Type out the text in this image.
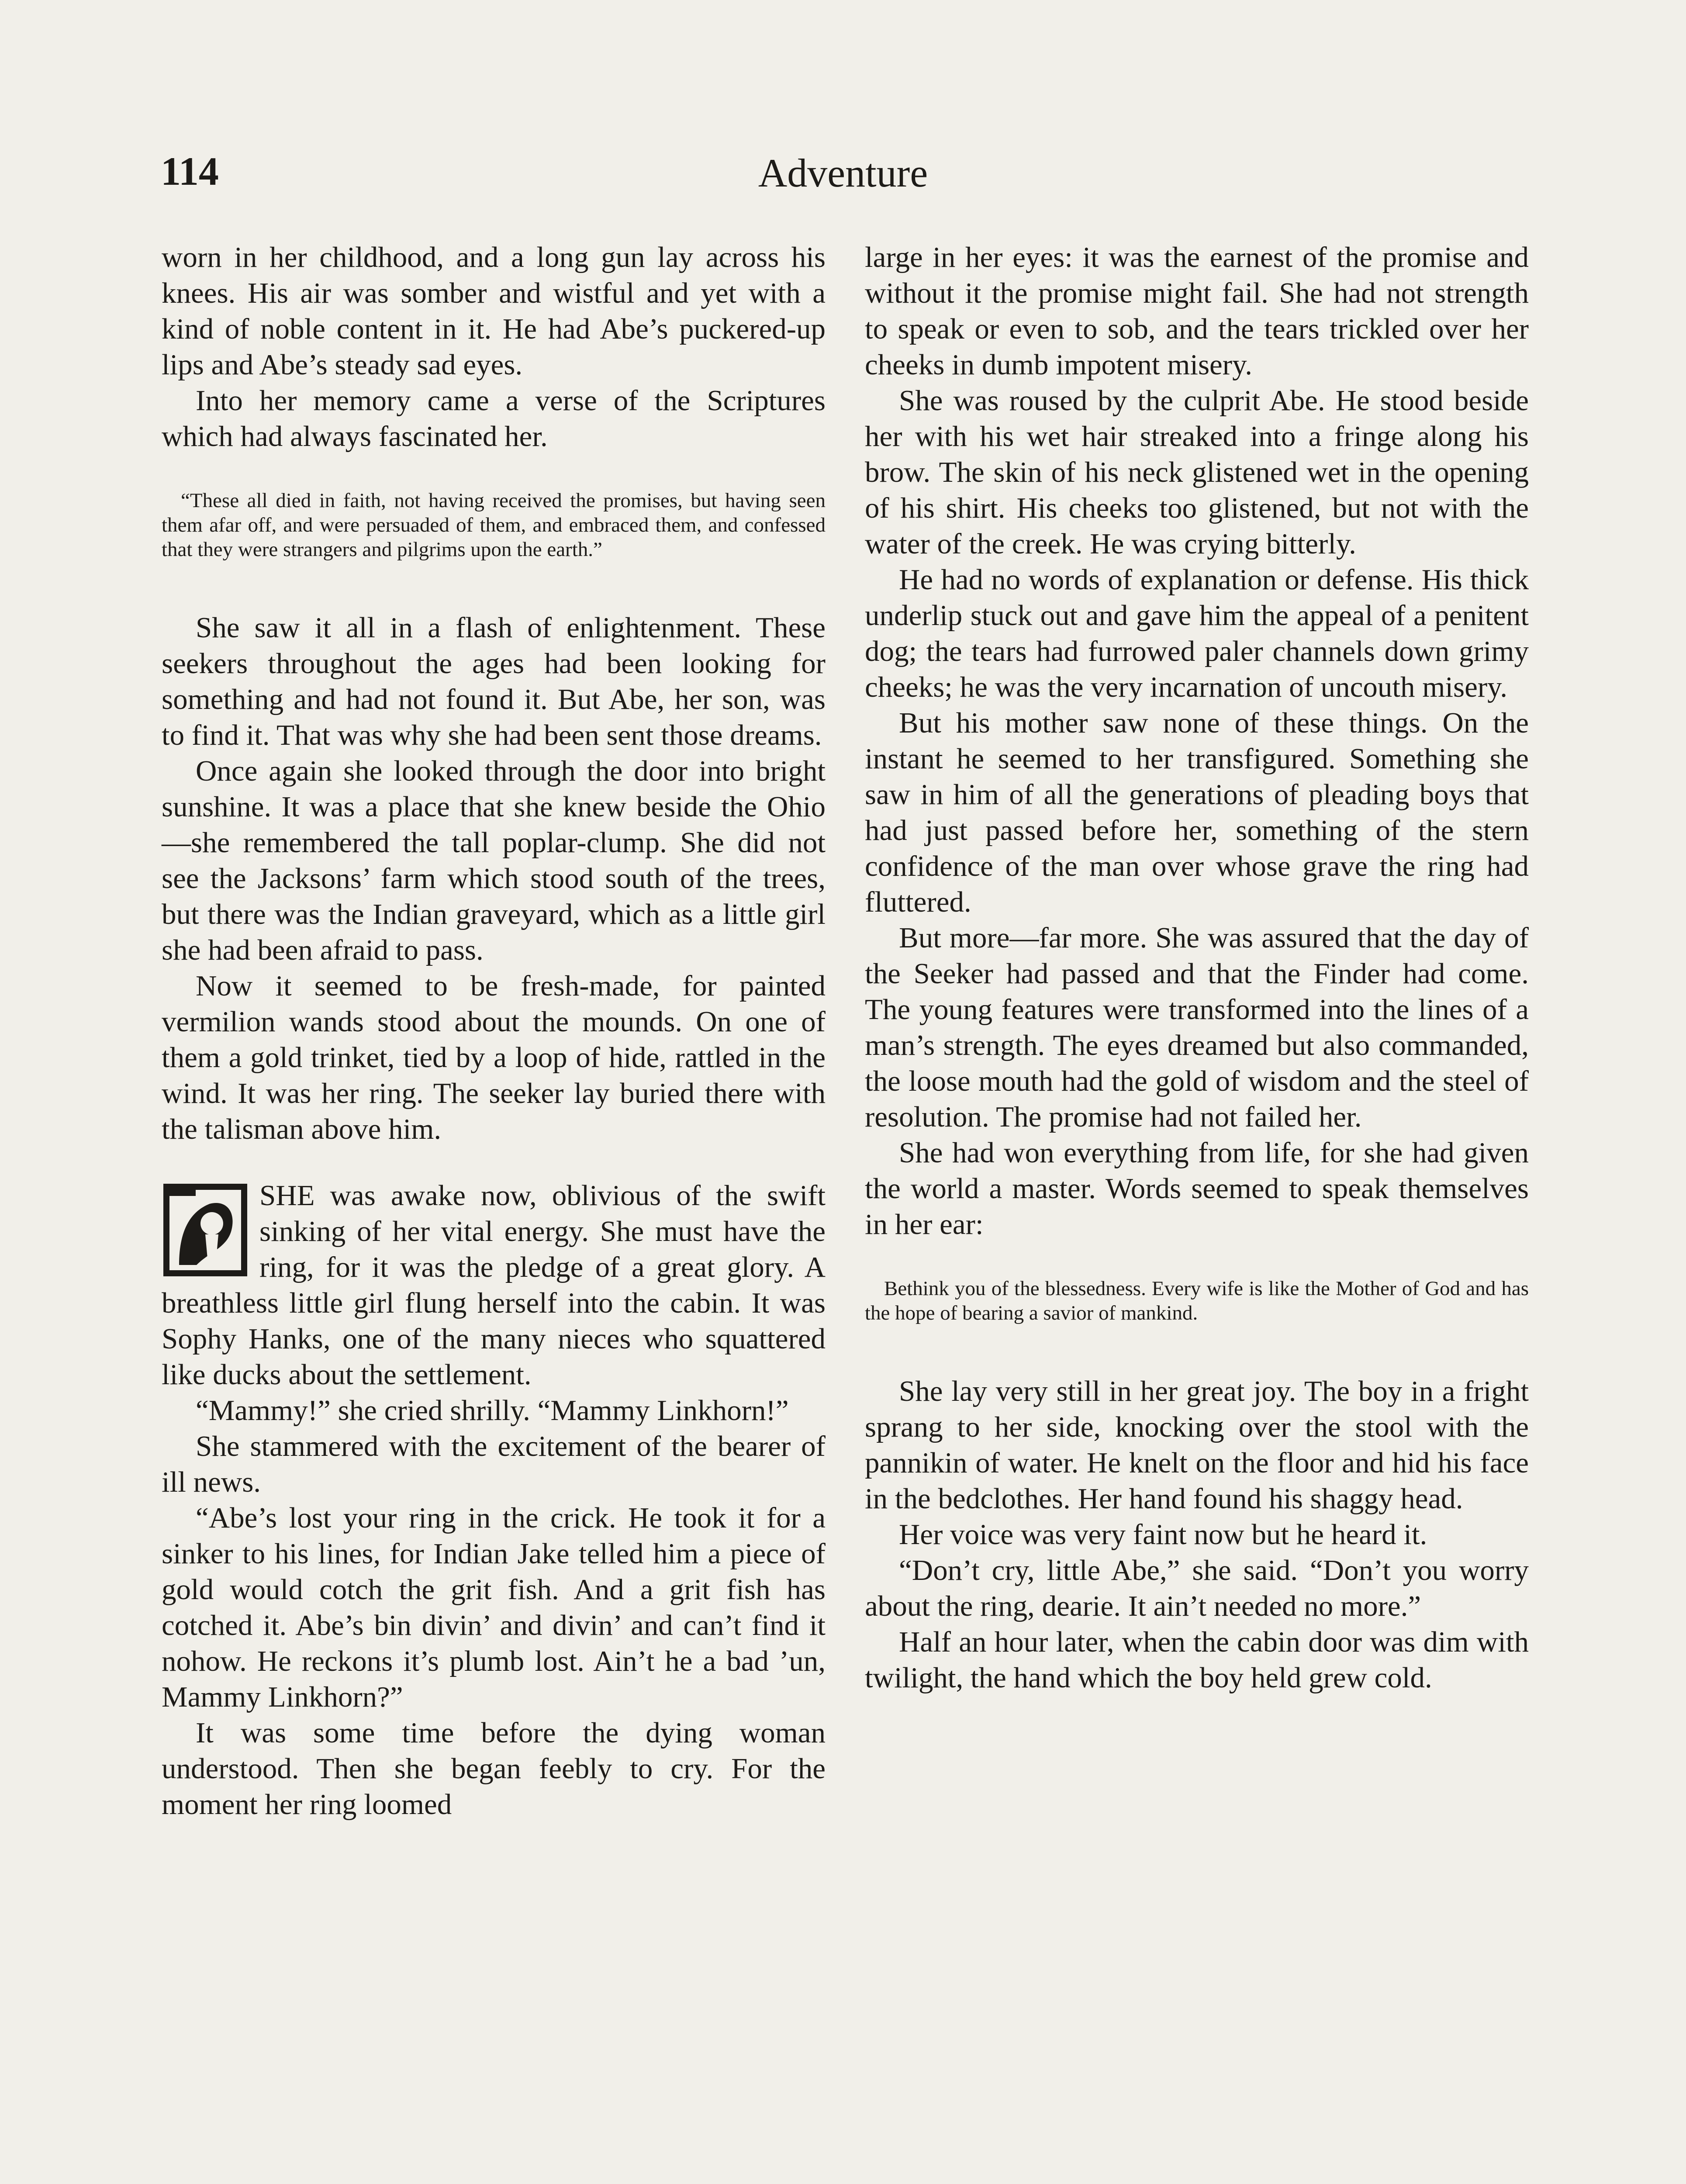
114	Adventure

worn in her childhood, and a long gun lay across his knees. His air was somber and wistful and yet with a kind of noble content in it. He had Abe’s puckered-up lips and Abe’s steady sad eyes.

Into her memory came a verse of the Scriptures which had always fascinated her.

“These all died in faith, not having received the promises, but having seen them afar off, and were persuaded of them, and embraced them, and confessed that they were strangers and pilgrims upon the earth.”

She saw it all in a flash of enlightenment. These seekers throughout the ages had been looking for something and had not found it. But Abe, her son, was to find it. That was why she had been sent those dreams.

Once again she looked through the door into bright sunshine. It was a place that she knew beside the Ohio—she remembered the tall poplar-clump. She did not see the Jacksons’ farm which stood south of the trees, but there was the Indian graveyard, which as a little girl she had been afraid to pass.

Now it seemed to be fresh-made, for painted vermilion wands stood about the mounds. On one of them a gold trinket, tied by a loop of hide, rattled in the wind. It was her ring. The seeker lay buried there with the talisman above him.

SHE was awake now, oblivious of the swift sinking of her vital energy. She must have the ring, for it was the pledge of a great glory. A breathless little girl flung herself into the cabin. It was Sophy Hanks, one of the many nieces who squattered like ducks about the settlement.

“Mammy!” she cried shrilly. “Mammy Linkhorn!”

She stammered with the excitement of the bearer of ill news.

“Abe’s lost your ring in the crick. He took it for a sinker to his lines, for Indian Jake telled him a piece of gold would cotch the grit fish. And a grit fish has cotched it. Abe’s bin divin’ and divin’ and can’t find it nohow. He reckons it’s plumb lost. Ain’t he a bad ’un, Mammy Linkhorn?”

It was some time before the dying woman understood. Then she began feebly to cry. For the moment her ring loomed

large in her eyes: it was the earnest of the promise and without it the promise might fail. She had not strength to speak or even to sob, and the tears trickled over her cheeks in dumb impotent misery.

She was roused by the culprit Abe. He stood beside her with his wet hair streaked into a fringe along his brow. The skin of his neck glistened wet in the opening of his shirt. His cheeks too glistened, but not with the water of the creek. He was crying bitterly.

He had no words of explanation or defense. His thick underlip stuck out and gave him the appeal of a penitent dog; the tears had furrowed paler channels down grimy cheeks; he was the very incarnation of uncouth misery.

But his mother saw none of these things. On the instant he seemed to her transfigured. Something she saw in him of all the generations of pleading boys that had just passed before her, something of the stern confidence of the man over whose grave the ring had fluttered.

But more—far more. She was assured that the day of the Seeker had passed and that the Finder had come. The young features were transformed into the lines of a man’s strength. The eyes dreamed but also commanded, the loose mouth had the gold of wisdom and the steel of resolution. The promise had not failed her.

She had won everything from life, for she had given the world a master. Words seemed to speak themselves in her ear:

Bethink you of the blessedness. Every wife is like the Mother of God and has the hope of bearing a savior of mankind.

She lay very still in her great joy. The boy in a fright sprang to her side, knocking over the stool with the pannikin of water. He knelt on the floor and hid his face in the bedclothes. Her hand found his shaggy head.

Her voice was very faint now but he heard it.

“Don’t cry, little Abe,” she said. “Don’t you worry about the ring, dearie. It ain’t needed no more.”

Half an hour later, when the cabin door was dim with twilight, the hand which the boy held grew cold.
